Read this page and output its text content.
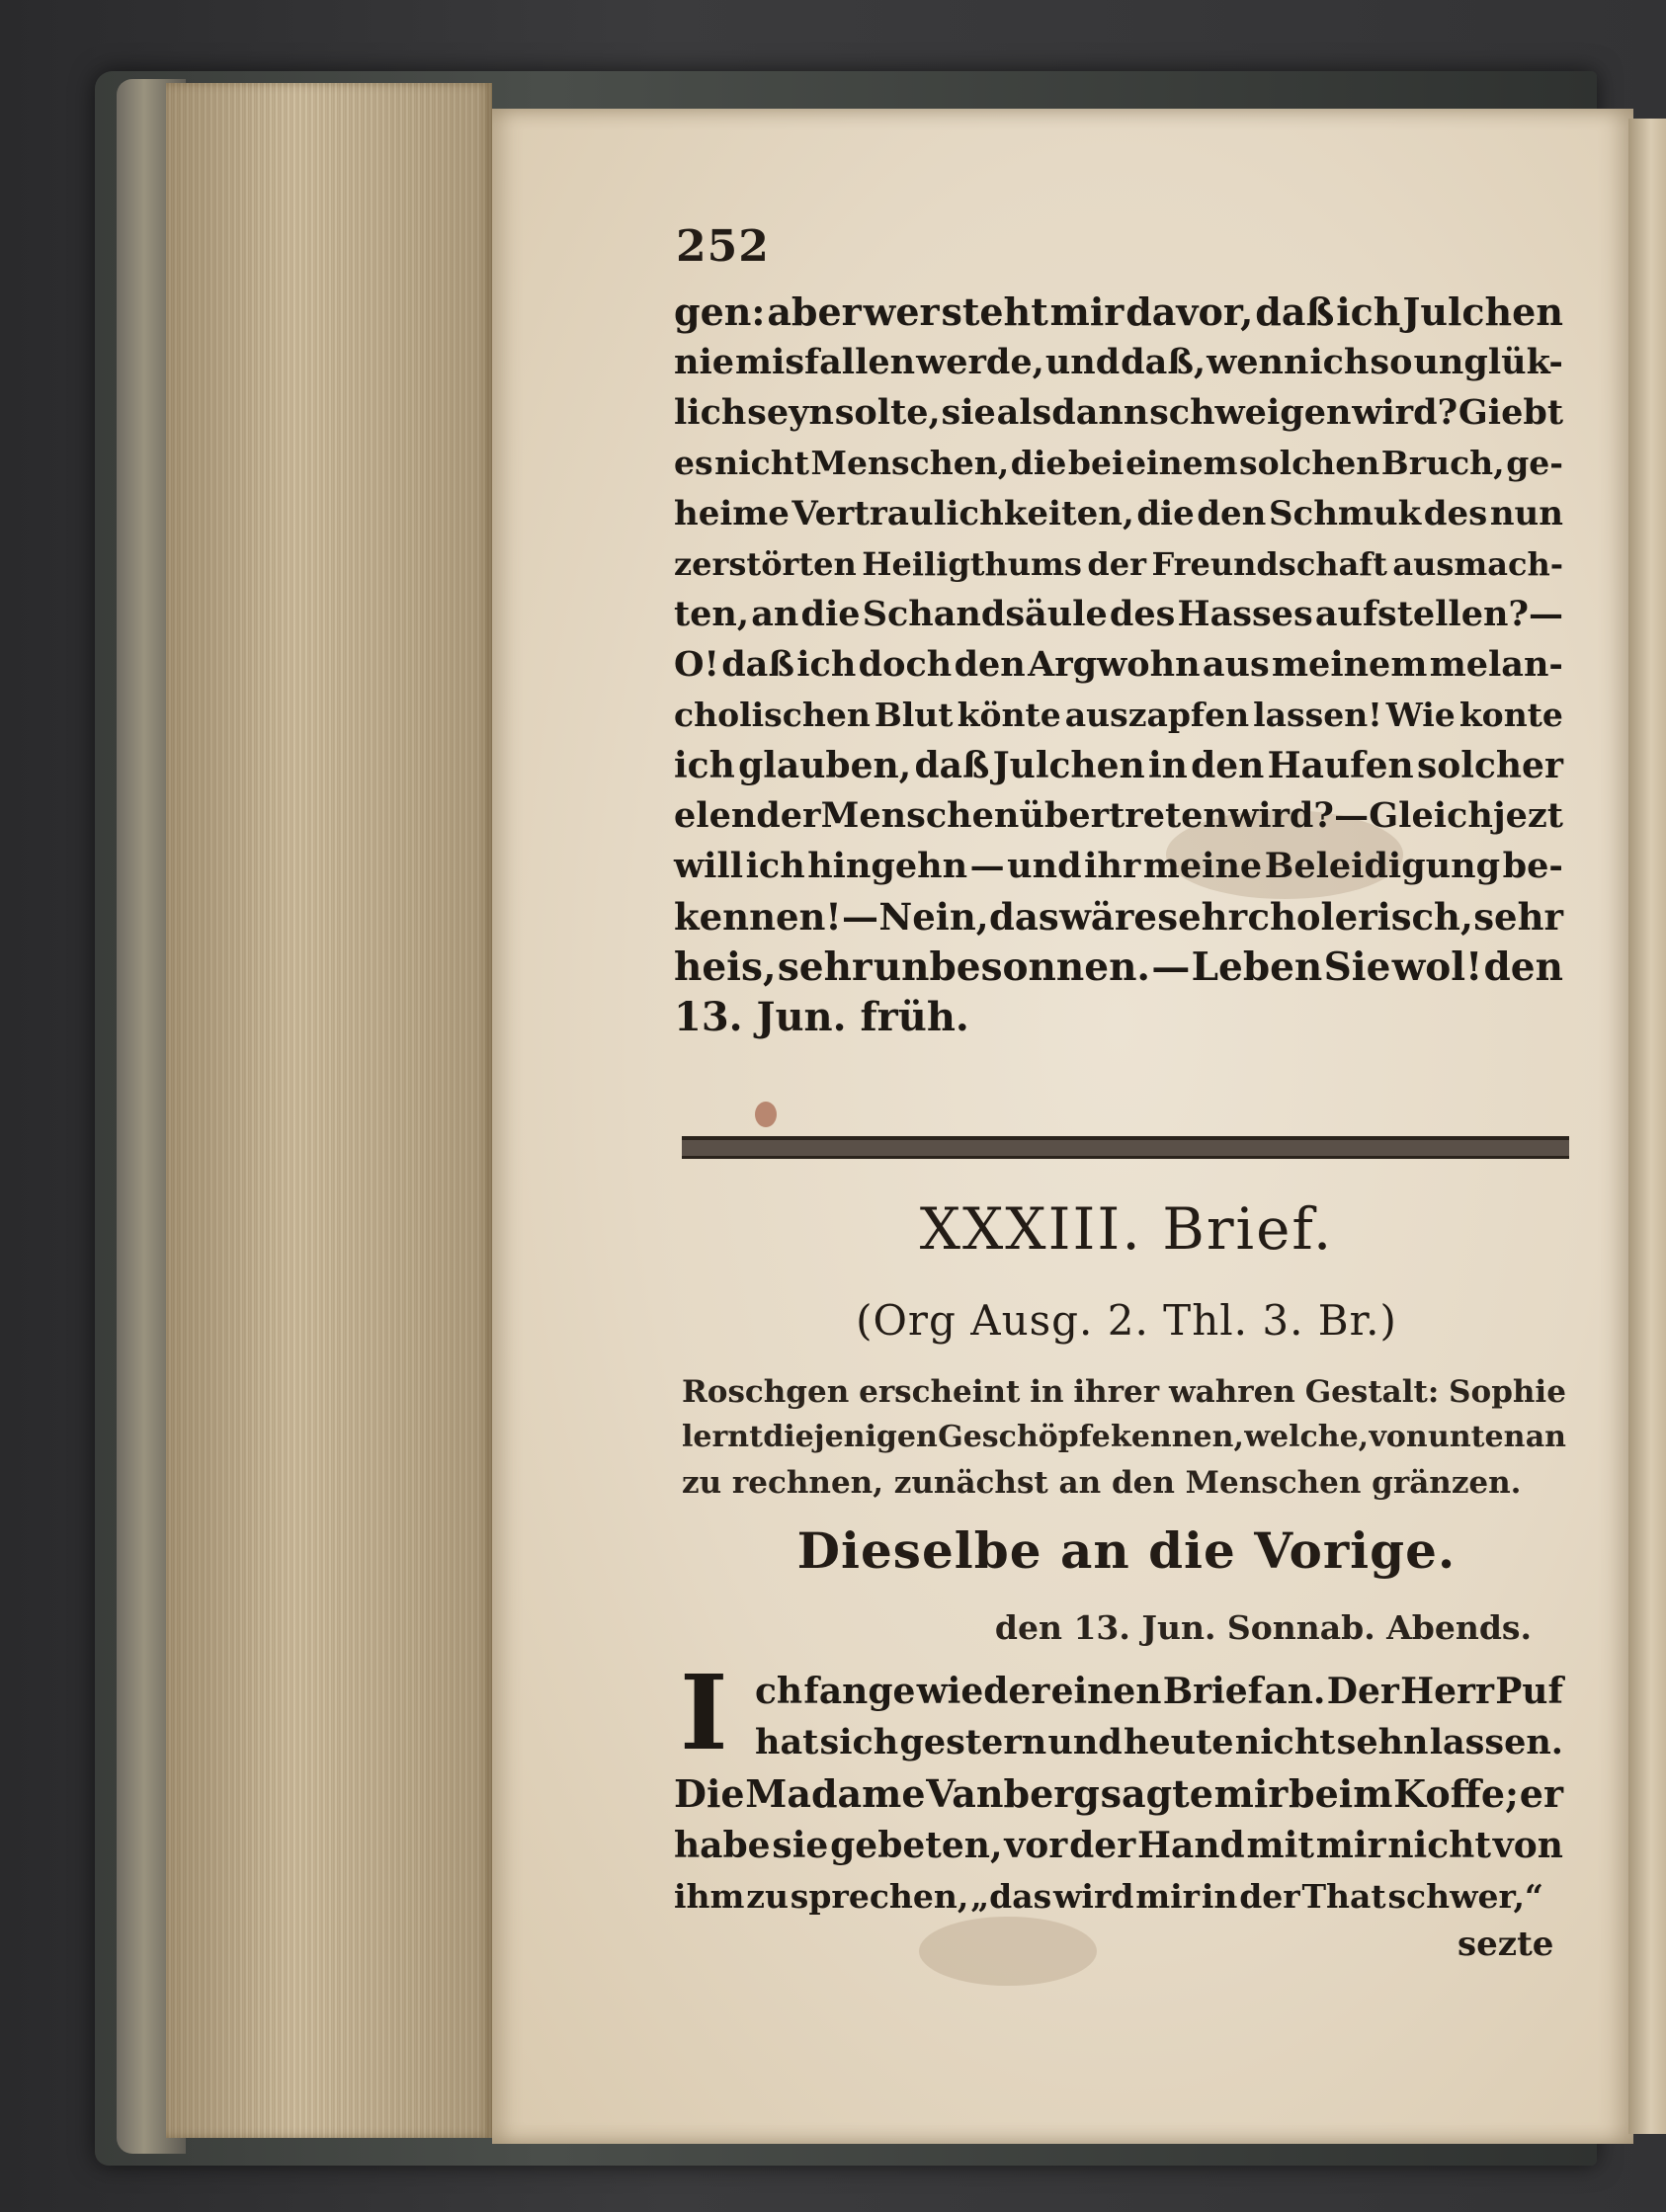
252
gen: aber wer steht mir davor, daß ich Julchen
nie misfallen werde, und daß, wenn ich so unglük-
lich seyn solte, sie alsdann schweigen wird? Giebt
es nicht Menschen, die bei einem solchen Bruch, ge-
heime Vertraulichkeiten, die den Schmuk des nun
zerstörten Heiligthums der Freundschaft ausmach-
ten, an die Schandsäule des Hasses aufstellen?—
O! daß ich doch den Argwohn aus meinem melan-
cholischen Blut könte auszapfen lassen! Wie konte
ich glauben, daß Julchen in den Haufen solcher
elender Menschen übertreten wird? — Gleich jezt
will ich hingehn — und ihr meine Beleidigung be-
kennen! — Nein, das wäre sehr cholerisch, sehr
heis, sehr unbesonnen. — Leben Sie wol! den
13. Jun. früh.
XXXIII. Brief.
(Org Ausg. 2. Thl. 3. Br.)
Roschgen erscheint in ihrer wahren Gestalt: Sophie
lernt diejenigen Geschöpfe kennen, welche, von unten an
zu rechnen, zunächst an den Menschen gränzen.
Dieselbe an die Vorige.
den 13. Jun. Sonnab. Abends.
I ch fange wieder einen Brief an. Der Herr Puf
hat sich gestern und heute nicht sehn lassen.
Die Madame Vanberg sagte mir beim Koffe; er
habe sie gebeten, vor der Hand mit mir nicht von
ihm zu sprechen, „das wird mir in der That schwer,“
sezte
